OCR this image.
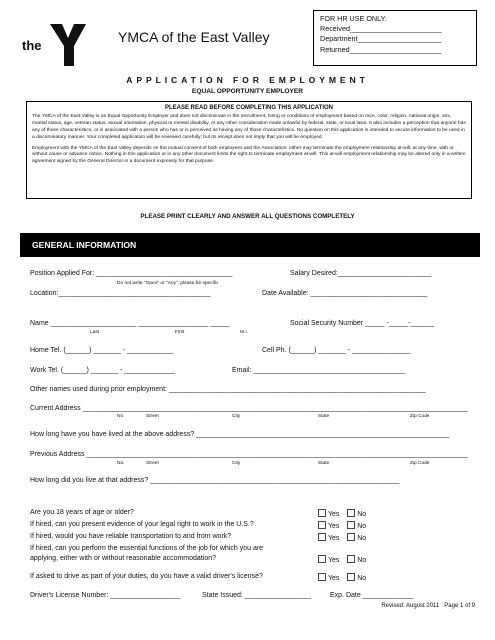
the
YMCA of the East Valley
FOR HR USE ONLY:
Received_______________________
Department_____________________
Returned_______________________
APPLICATION FOR EMPLOYMENT
EQUAL OPPORTUNITY EMPLOYER
PLEASE READ BEFORE COMPLETING THIS APPLICATION

The YMCA of the East Valley is an Equal Opportunity Employer and does not discriminate in the recruitment, hiring or conditions of employment based on race, color, religion, national origin, sex, marital status, age, veteran status, sexual orientation, physical or mental disability, or any other consideration made unlawful by federal, state, or local laws. It also includes a perception that anyone has any of those characteristics, or is associated with a person who has or is perceived as having any of those characteristics. No question on this application is intended to secure information to be used in a discriminatory manner. Your completed application will be reviewed carefully; but its receipt does not imply that you will be employed.

Employment with the YMCA of the East Valley depends on the mutual consent of both employees and the Association: either may terminate the employment relationship at-will, at any time, with or without cause or advance notice. Nothing in this application or in any other document limits the right to terminate employment at-will. This at-will employment relationship may be altered only in a written agreement signed by the General Director in a document expressly for that purpose.

PLEASE PRINT CLEARLY AND ANSWER ALL QUESTIONS COMPLETELY
GENERAL INFORMATION
Position Applied For: ___________________________________
Do not write "Open" or "Any", please be specific
Salary Desired:________________________
Location:_______________________________________	Date Available: ______________________________
Name ______________________ __________________ _____
Last	First	M.I.
Social Security Number _____ -_____-______
Home Tel. (______) _______ - ____________	Cell Ph. (______) _______ - _______________
Work Tel. (______) _______ - _____________	Email: _______________________________________
Other names used during prior employment: __________________________________________________________________
Current Address ___________________________________________________________________________________________________
No.	Street	City	State	Zip Code
How long have you have lived at the above address? _________________________________________________________________
Previous Address __________________________________________________________________________________________________
No.	Street	City	State	Zip Code
How long did you live at that address? ________________________________________________________________
Are you 18 years of age or older?	Yes	No
If hired, can you present evidence of your legal right to work in the U.S.?	Yes	No
If hired, would you have reliable transportation to and from work?	Yes	No
If hired, can you perform the essential functions of the job for which you are
applying, either with or without reasonable accommodation?	Yes	No
If asked to drive as part of your duties, do you have a valid driver's license?	Yes	No
Driver's License Number: __________________	State Issued: _________________	Exp. Date _____________
Revised: August 2011 Page 1 of 9
